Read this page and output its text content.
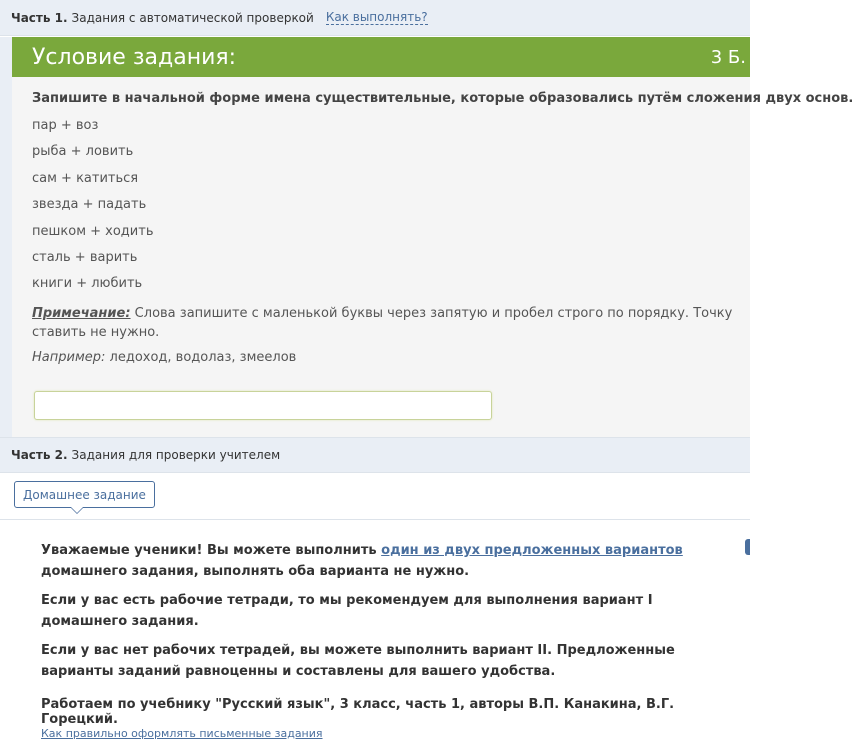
Часть 1. Задания с автоматической проверкой Как выполнять?
Условие задания:	3 Б.
Запишите в начальной форме имена существительные, которые образовались путём сложения двух основ.
пар + воз
рыба + ловить
сам + катиться
звезда + падать
пешком + ходить
сталь + варить
книги + любить
Примечание: Слова запишите с маленькой буквы через запятую и пробел строго по порядку. Точку ставить не нужно.
Например: ледоход, водолаз, змеелов
Часть 2. Задания для проверки учителем
Домашнее задание

Уважаемые ученики! Вы можете выполнить один из двух предложенных вариантов домашнего задания, выполнять оба варианта не нужно.

Если у вас есть рабочие тетради, то мы рекомендуем для выполнения вариант I домашнего задания.

Если у вас нет рабочих тетрадей, вы можете выполнить вариант II. Предложенные варианты заданий равноценны и составлены для вашего удобства.

Работаем по учебнику "Русский язык", 3 класс, часть 1, авторы В.П. Канакина, В.Г. Горецкий.
Как правильно оформлять письменные задания
